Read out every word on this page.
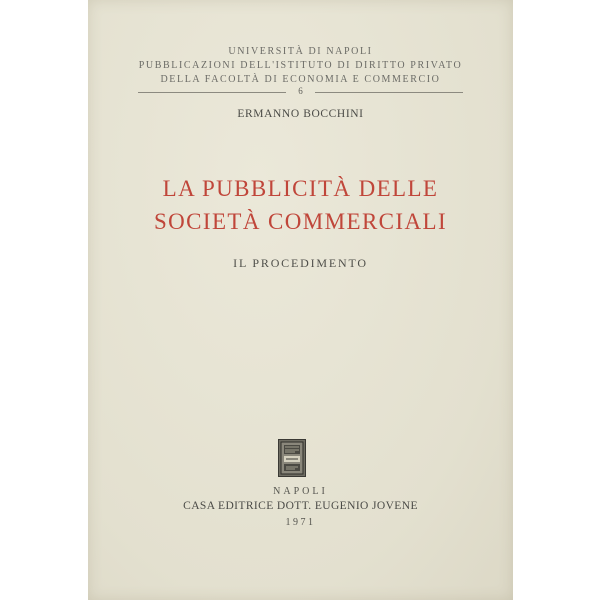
UNIVERSITÀ DI NAPOLI
PUBBLICAZIONI DELL'ISTITUTO DI DIRITTO PRIVATO
DELLA FACOLTÀ DI ECONOMIA E COMMERCIO
6
ERMANNO BOCCHINI
LA PUBBLICITÀ DELLE
SOCIETÀ COMMERCIALI
IL PROCEDIMENTO
NAPOLI
CASA EDITRICE DOTT. EUGENIO JOVENE
1971
